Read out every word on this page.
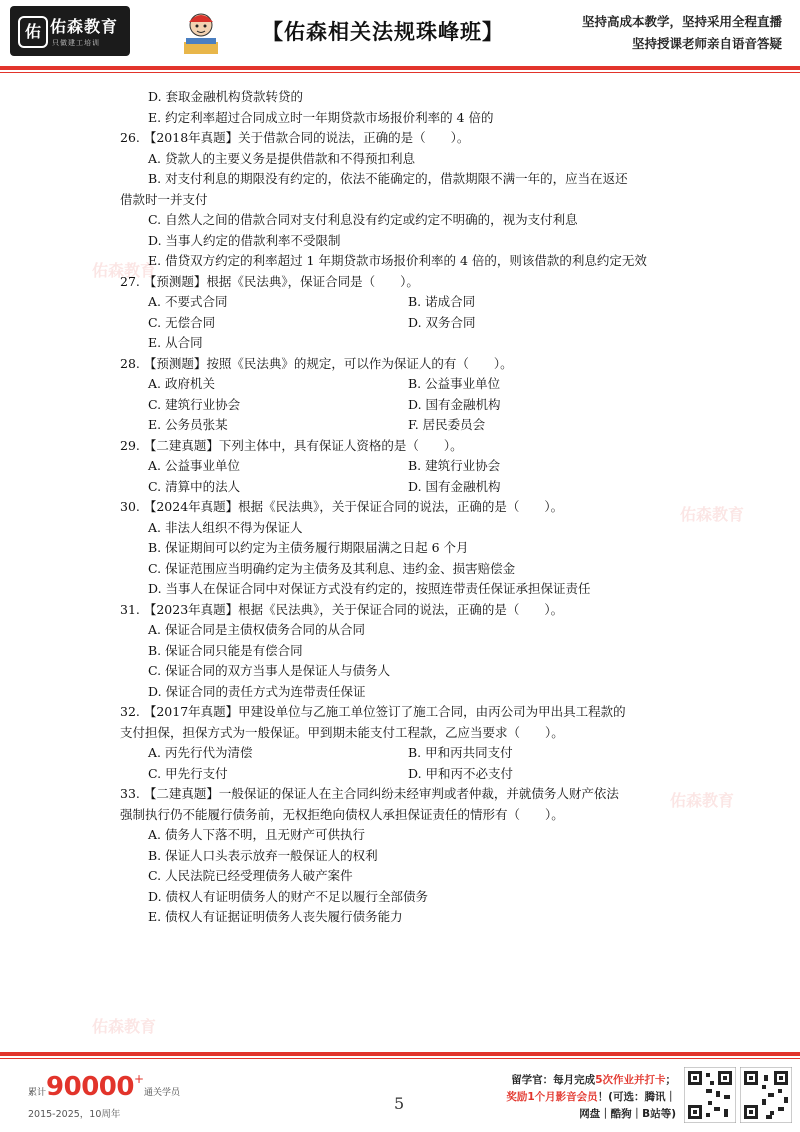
佑 佑森教育
只做建工培训	【佑森相关法规珠峰班】	坚持高成本教学，坚持采用全程直播
坚持授课老师亲自语音答疑
佑森教育
佑森教育
佑森教育
佑森教育
D. 套取金融机构贷款转贷的
E. 约定利率超过合同成立时一年期贷款市场报价利率的 4 倍的
26. 【2018年真题】关于借款合同的说法，正确的是（　　）。
A. 贷款人的主要义务是提供借款和不得预扣利息
B. 对支付利息的期限没有约定的，依法不能确定的，借款期限不满一年的，应当在返还
借款时一并支付
C. 自然人之间的借款合同对支付利息没有约定或约定不明确的，视为支付利息
D. 当事人约定的借款利率不受限制
E. 借贷双方约定的利率超过 1 年期贷款市场报价利率的 4 倍的，则该借款的利息约定无效
27. 【预测题】根据《民法典》，保证合同是（　　）。
A. 不要式合同	B. 诺成合同
C. 无偿合同	D. 双务合同
E. 从合同
28. 【预测题】按照《民法典》的规定，可以作为保证人的有（　　）。
A. 政府机关	B. 公益事业单位
C. 建筑行业协会	D. 国有金融机构
E. 公务员张某	F. 居民委员会
29. 【二建真题】下列主体中，具有保证人资格的是（　　）。
A. 公益事业单位	B. 建筑行业协会
C. 清算中的法人	D. 国有金融机构
30. 【2024年真题】根据《民法典》，关于保证合同的说法，正确的是（　　）。
A. 非法人组织不得为保证人
B. 保证期间可以约定为主债务履行期限届满之日起 6 个月
C. 保证范围应当明确约定为主债务及其利息、违约金、损害赔偿金
D. 当事人在保证合同中对保证方式没有约定的，按照连带责任保证承担保证责任
31. 【2023年真题】根据《民法典》，关于保证合同的说法，正确的是（　　）。
A. 保证合同是主债权债务合同的从合同
B. 保证合同只能是有偿合同
C. 保证合同的双方当事人是保证人与债务人
D. 保证合同的责任方式为连带责任保证
32. 【2017年真题】甲建设单位与乙施工单位签订了施工合同，由丙公司为甲出具工程款的
支付担保，担保方式为一般保证。甲到期未能支付工程款，乙应当要求（　　）。
A. 丙先行代为清偿	B. 甲和丙共同支付
C. 甲先行支付	D. 甲和丙不必支付
33. 【二建真题】一般保证的保证人在主合同纠纷未经审判或者仲裁，并就债务人财产依法
强制执行仍不能履行债务前，无权拒绝向债权人承担保证责任的情形有（　　）。
A. 债务人下落不明，且无财产可供执行
B. 保证人口头表示放弃一般保证人的权利
C. 人民法院已经受理债务人破产案件
D. 债权人有证明债务人的财产不足以履行全部债务
E. 债权人有证据证明债务人丧失履行债务能力
累计90000+通关学员
2015-2025，10周年
5
留学官：每月完成5次作业并打卡；
奖励1个月影音会员！(可选：腾讯｜
网盘｜酷狗｜B站等)
